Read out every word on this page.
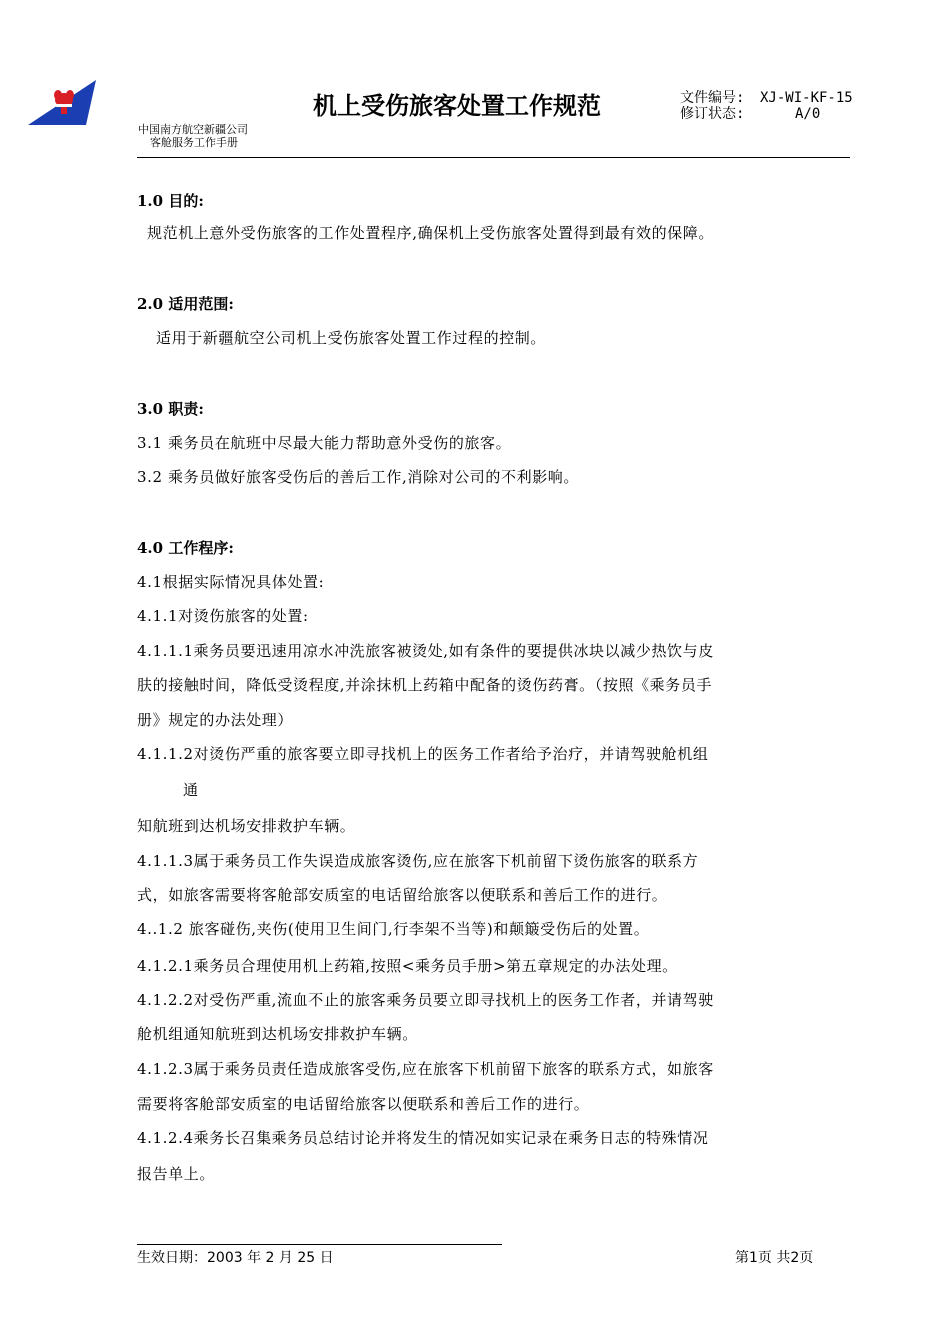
中国南方航空新疆公司
客舱服务工作手册
机上受伤旅客处置工作规范	文件编号: XJ-WI-KF-15
修订状态:	A/0
1.0 目的:
规范机上意外受伤旅客的工作处置程序,确保机上受伤旅客处置得到最有效的保障。
2.0 适用范围:
适用于新疆航空公司机上受伤旅客处置工作过程的控制。
3.0 职责:
3.1 乘务员在航班中尽最大能力帮助意外受伤的旅客。
3.2 乘务员做好旅客受伤后的善后工作,消除对公司的不利影响。
4.0 工作程序:
4.1根据实际情况具体处置:
4.1.1对烫伤旅客的处置:
4.1.1.1乘务员要迅速用凉水冲洗旅客被烫处,如有条件的要提供冰块以减少热饮与皮
肤的接触时间，降低受烫程度,并涂抹机上药箱中配备的烫伤药膏。（按照《乘务员手
册》规定的办法处理）
4.1.1.2对烫伤严重的旅客要立即寻找机上的医务工作者给予治疗，并请驾驶舱机组
通
知航班到达机场安排救护车辆。
4.1.1.3属于乘务员工作失误造成旅客烫伤,应在旅客下机前留下烫伤旅客的联系方
式，如旅客需要将客舱部安质室的电话留给旅客以便联系和善后工作的进行。
4..1.2 旅客碰伤,夹伤(使用卫生间门,行李架不当等)和颠簸受伤后的处置。
4.1.2.1乘务员合理使用机上药箱,按照<乘务员手册>第五章规定的办法处理。
4.1.2.2对受伤严重,流血不止的旅客乘务员要立即寻找机上的医务工作者，并请驾驶
舱机组通知航班到达机场安排救护车辆。
4.1.2.3属于乘务员责任造成旅客受伤,应在旅客下机前留下旅客的联系方式，如旅客
需要将客舱部安质室的电话留给旅客以便联系和善后工作的进行。
4.1.2.4乘务长召集乘务员总结讨论并将发生的情况如实记录在乘务日志的特殊情况
报告单上。
生效日期：2003 年 2 月 25 日	第1页 共2页
